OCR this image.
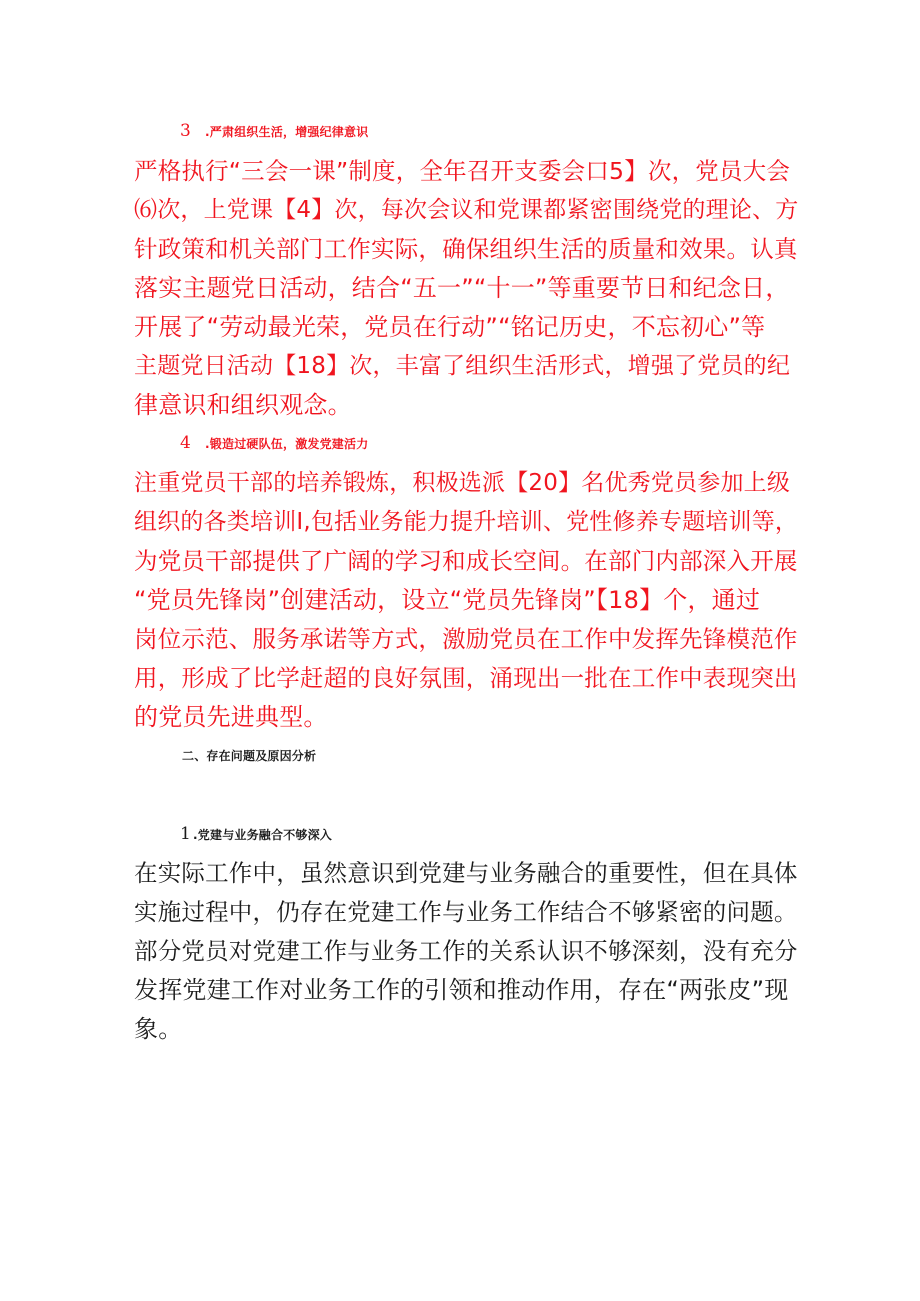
3 .严肃组织生活，增强纪律意识
严格执行“三会一课”制度，全年召开支委会口5】次，党员大会
⑹次，上党课【4】次，每次会议和党课都紧密围绕党的理论、方
针政策和机关部门工作实际，确保组织生活的质量和效果。认真
落实主题党日活动，结合“五一”“十一”等重要节日和纪念日，
开展了“劳动最光荣，党员在行动”“铭记历史，不忘初心”等
主题党日活动【18】次，丰富了组织生活形式，增强了党员的纪
律意识和组织观念。
4 .锻造过硬队伍，激发党建活力
注重党员干部的培养锻炼，积极选派【20】名优秀党员参加上级
组织的各类培训I,包括业务能力提升培训、党性修养专题培训等，
为党员干部提供了广阔的学习和成长空间。在部门内部深入开展
“党员先锋岗”创建活动，设立“党员先锋岗”【18】个，通过
岗位示范、服务承诺等方式，激励党员在工作中发挥先锋模范作
用，形成了比学赶超的良好氛围，涌现出一批在工作中表现突出
的党员先进典型。
二、存在问题及原因分析
1 .党建与业务融合不够深入
在实际工作中，虽然意识到党建与业务融合的重要性，但在具体
实施过程中，仍存在党建工作与业务工作结合不够紧密的问题。
部分党员对党建工作与业务工作的关系认识不够深刻，没有充分
发挥党建工作对业务工作的引领和推动作用，存在“两张皮”现
象。
